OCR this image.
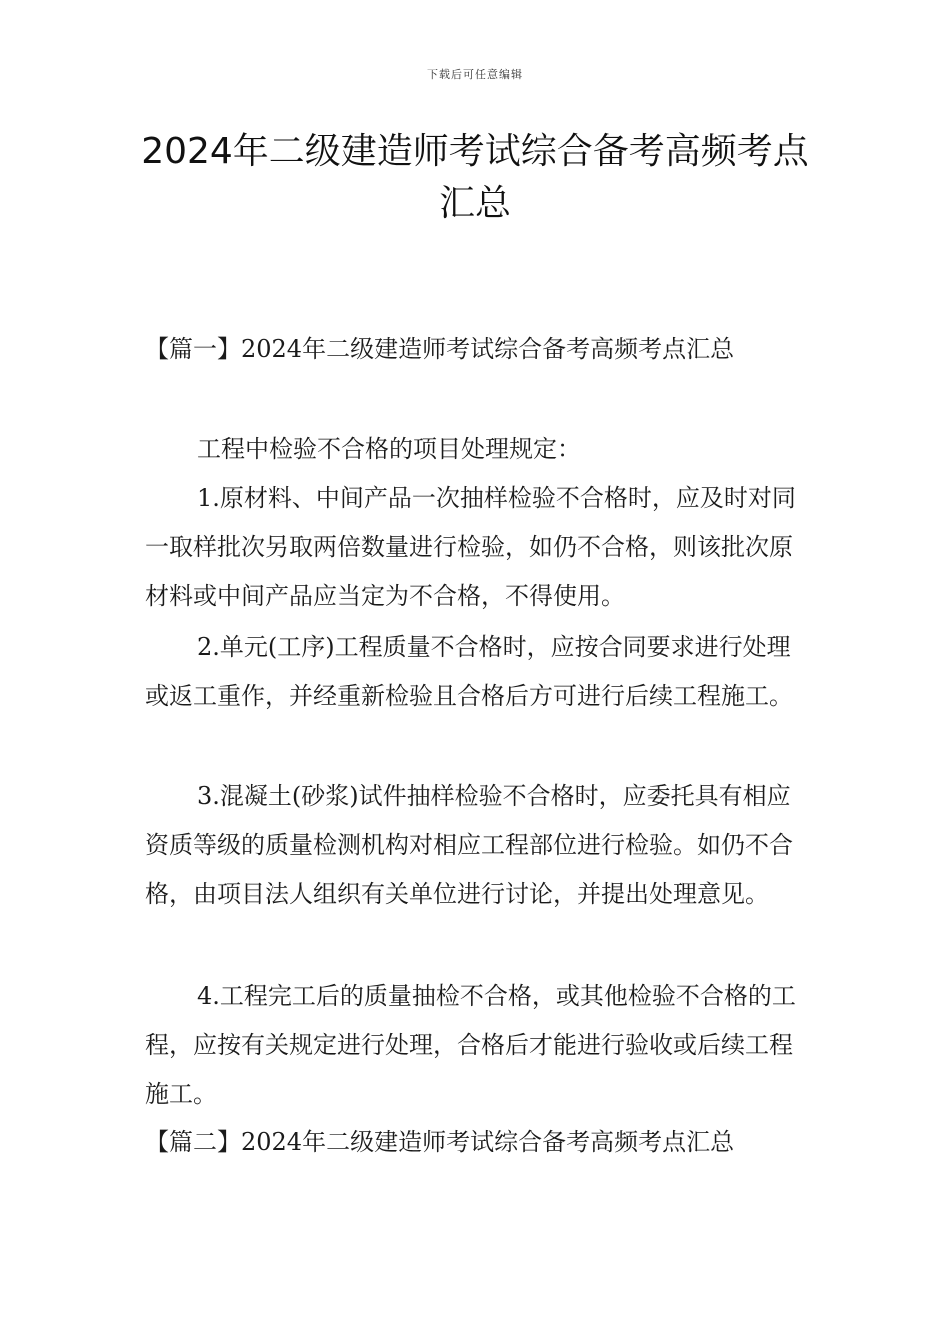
下载后可任意编辑
2024年二级建造师考试综合备考高频考点汇总

【篇一】2024年二级建造师考试综合备考高频考点汇总

工程中检验不合格的项目处理规定：

1.原材料、中间产品一次抽样检验不合格时，应及时对同一取样批次另取两倍数量进行检验，如仍不合格，则该批次原材料或中间产品应当定为不合格，不得使用。

2.单元(工序)工程质量不合格时，应按合同要求进行处理或返工重作，并经重新检验且合格后方可进行后续工程施工。

3.混凝土(砂浆)试件抽样检验不合格时，应委托具有相应资质等级的质量检测机构对相应工程部位进行检验。如仍不合格，由项目法人组织有关单位进行讨论，并提出处理意见。

4.工程完工后的质量抽检不合格，或其他检验不合格的工程，应按有关规定进行处理，合格后才能进行验收或后续工程施工。

【篇二】2024年二级建造师考试综合备考高频考点汇总
